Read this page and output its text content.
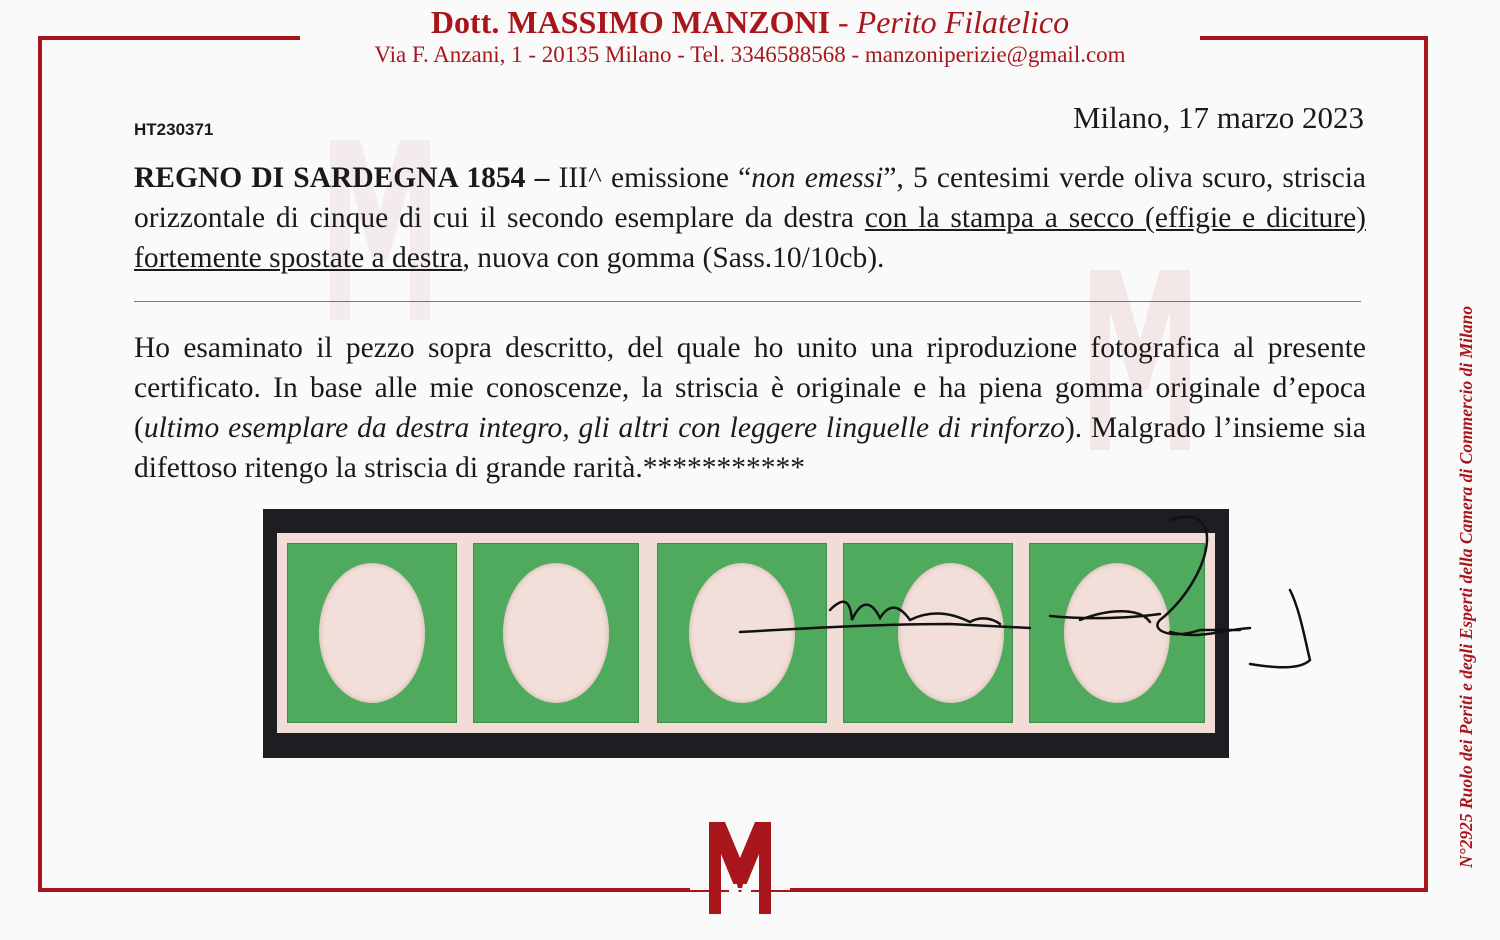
Dott. MASSIMO MANZONI - Perito Filatelico
Via F. Anzani, 1 - 20135 Milano - Tel. 3346588568 - manzoniperizie@gmail.com
HT230371	Milano, 17 marzo 2023
REGNO DI SARDEGNA 1854 – III^ emissione “non emessi”, 5 centesimi verde oliva scuro, striscia orizzontale di cinque di cui il secondo esemplare da destra con la stampa a secco (effigie e diciture) fortemente spostate a destra, nuova con gomma (Sass.10/10cb).
Ho esaminato il pezzo sopra descritto, del quale ho unito una riproduzione fotografica al presente certificato. In base alle mie conoscenze, la striscia è originale e ha piena gomma originale d’epoca (ultimo esemplare da destra integro, gli altri con leggere linguelle di rinforzo). Malgrado l’insieme sia difettoso ritengo la striscia di grande rarità.***********	N°2925 Ruolo dei Periti e degli Esperti della Camera di Commercio di Milano
